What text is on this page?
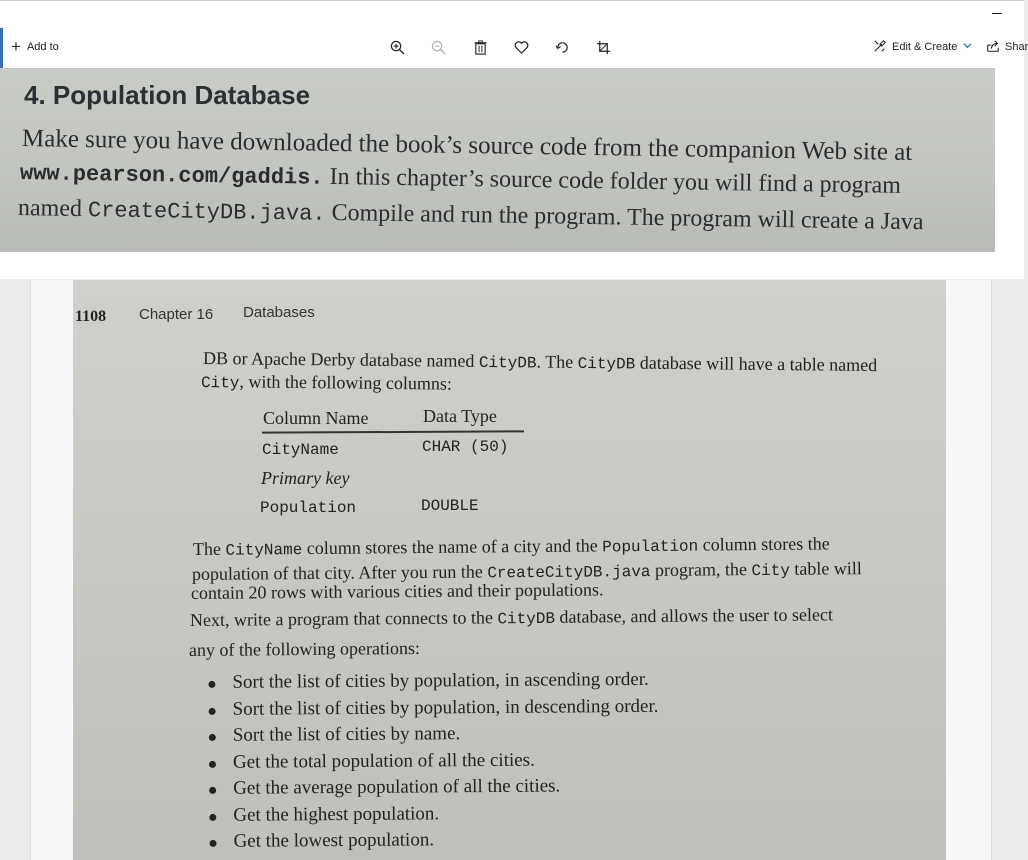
+ Add to	Edit & Create	Shar
4. Population Database
Make sure you have downloaded the book’s source code from the companion Web site at
www.pearson.com/gaddis. In this chapter’s source code folder you will find a program
named CreateCityDB.java. Compile and run the program. The program will create a Java
1108 Chapter 16 Databases
DB or Apache Derby database named CityDB. The CityDB database will have a table named
City, with the following columns:
Column Name	Data Type
CityName	CHAR (50)
Primary key
Population	DOUBLE
The CityName column stores the name of a city and the Population column stores the
population of that city. After you run the CreateCityDB.java program, the City table will
contain 20 rows with various cities and their populations.
Next, write a program that connects to the CityDB database, and allows the user to select
any of the following operations:
Sort the list of cities by population, in ascending order.
Sort the list of cities by population, in descending order.
Sort the list of cities by name.
Get the total population of all the cities.
Get the average population of all the cities.
Get the highest population.
Get the lowest population.
